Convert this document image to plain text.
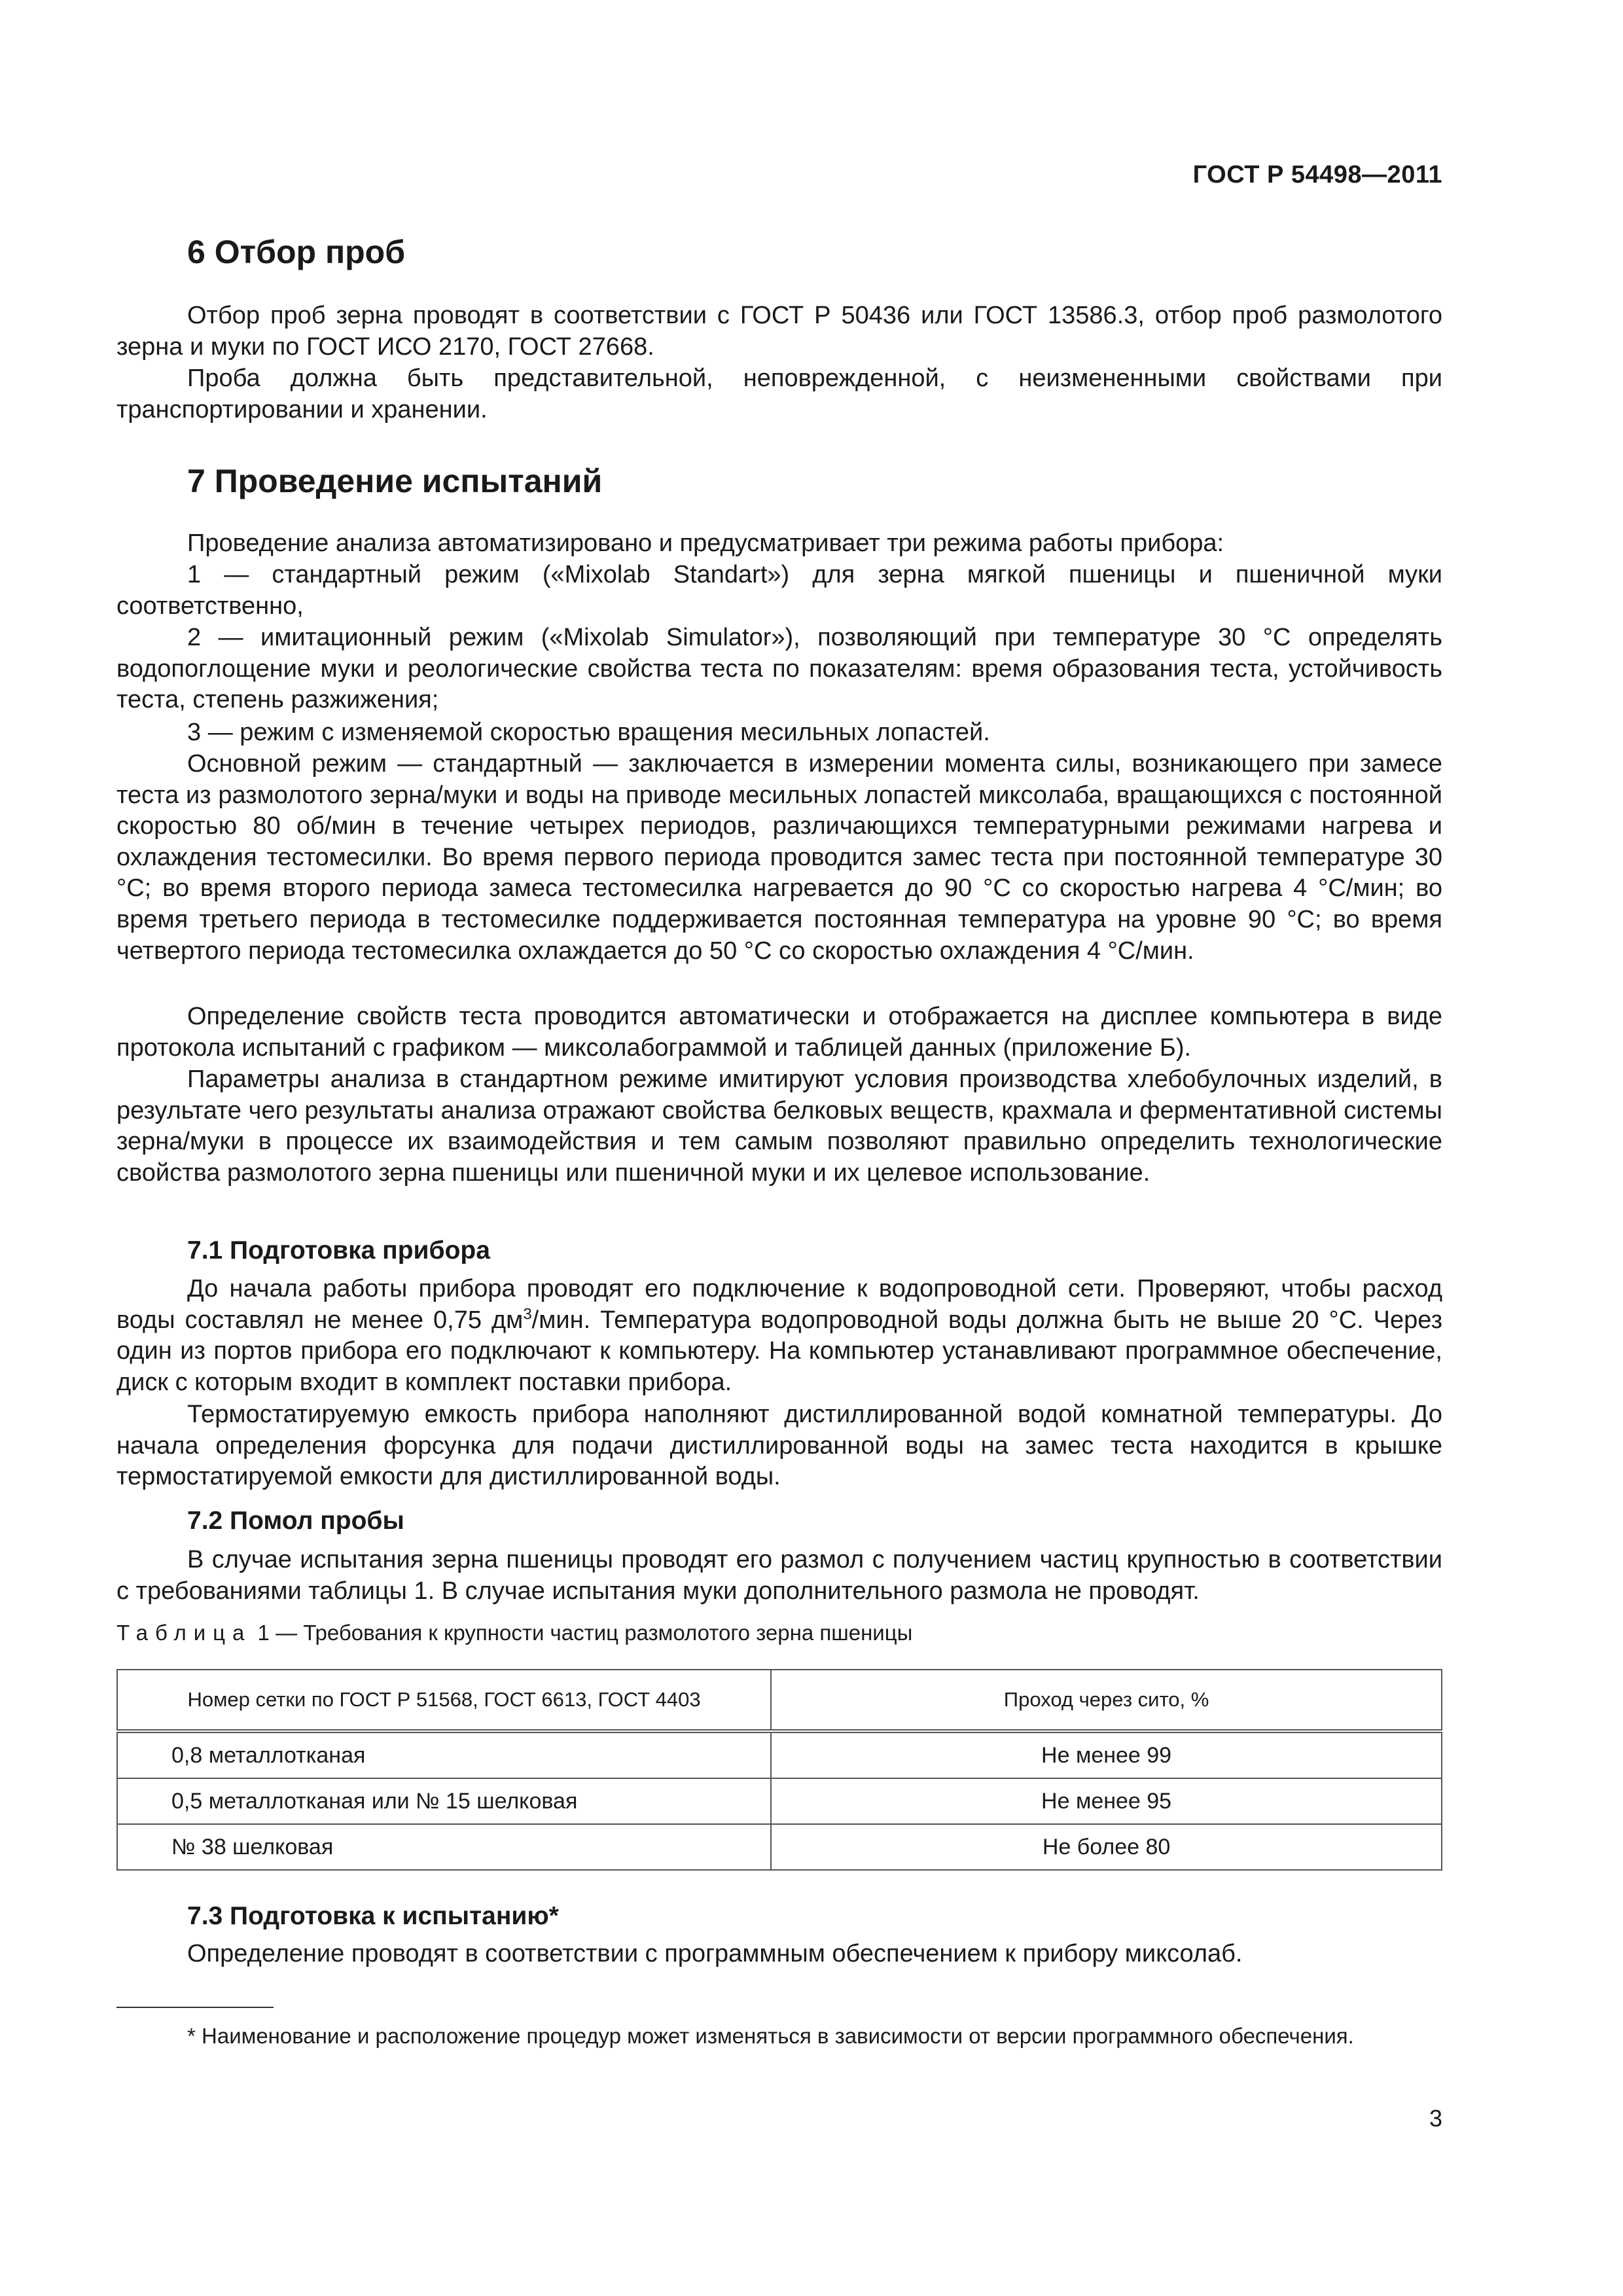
ГОСТ Р 54498—2011
6 Отбор проб

Отбор проб зерна проводят в соответствии с ГОСТ Р 50436 или ГОСТ 13586.3, отбор проб размолотого зерна и муки по ГОСТ ИСО 2170, ГОСТ 27668.

Проба должна быть представительной, неповрежденной, с неизмененными свойствами при транспортировании и хранении.

7 Проведение испытаний

Проведение анализа автоматизировано и предусматривает три режима работы прибора:

1 — стандартный режим («Mixolab Standart») для зерна мягкой пшеницы и пшеничной муки соответственно,

2 — имитационный режим («Mixolab Simulator»), позволяющий при температуре 30 °С определять водопоглощение муки и реологические свойства теста по показателям: время образования теста, устойчивость теста, степень разжижения;

3 — режим с изменяемой скоростью вращения месильных лопастей.

Основной режим — стандартный — заключается в измерении момента силы, возникающего при замесе теста из размолотого зерна/муки и воды на приводе месильных лопастей миксолаба, вращающихся с постоянной скоростью 80 об/мин в течение четырех периодов, различающихся температурными режимами нагрева и охлаждения тестомесилки. Во время первого периода проводится замес теста при постоянной температуре 30 °С; во время второго периода замеса тестомесилка нагревается до 90 °С со скоростью нагрева 4 °С/мин; во время третьего периода в тестомесилке поддерживается постоянная температура на уровне 90 °С; во время четвертого периода тестомесилка охлаждается до 50 °С со скоростью охлаждения 4 °С/мин.

Определение свойств теста проводится автоматически и отображается на дисплее компьютера в виде протокола испытаний с графиком — миксолабограммой и таблицей данных (приложение Б).

Параметры анализа в стандартном режиме имитируют условия производства хлебобулочных изделий, в результате чего результаты анализа отражают свойства белковых веществ, крахмала и ферментативной системы зерна/муки в процессе их взаимодействия и тем самым позволяют правильно определить технологические свойства размолотого зерна пшеницы или пшеничной муки и их целевое использование.

7.1 Подготовка прибора

До начала работы прибора проводят его подключение к водопроводной сети. Проверяют, чтобы расход воды составлял не менее 0,75 $дм^3$/мин. Температура водопроводной воды должна быть не выше 20 °С. Через один из портов прибора его подключают к компьютеру. На компьютер устанавливают программное обеспечение, диск с которым входит в комплект поставки прибора.

Термостатируемую емкость прибора наполняют дистиллированной водой комнатной температуры. До начала определения форсунка для подачи дистиллированной воды на замес теста находится в крышке термостатируемой емкости для дистиллированной воды.

7.2 Помол пробы

В случае испытания зерна пшеницы проводят его размол с получением частиц крупностью в соответствии с требованиями таблицы 1. В случае испытания муки дополнительного размола не проводят.

Таблица 1 — Требования к крупности частиц размолотого зерна пшеницы
Номер сетки по ГОСТ Р 51568, ГОСТ 6613, ГОСТ 4403	Проход через сито, %
0,8 металлотканая	Не менее 99
0,5 металлотканая или № 15 шелковая	Не менее 95
№ 38 шелковая	Не более 80
7.3 Подготовка к испытанию*

Определение проводят в соответствии с программным обеспечением к прибору миксолаб.

* Наименование и расположение процедур может изменяться в зависимости от версии программного обеспечения.

3
